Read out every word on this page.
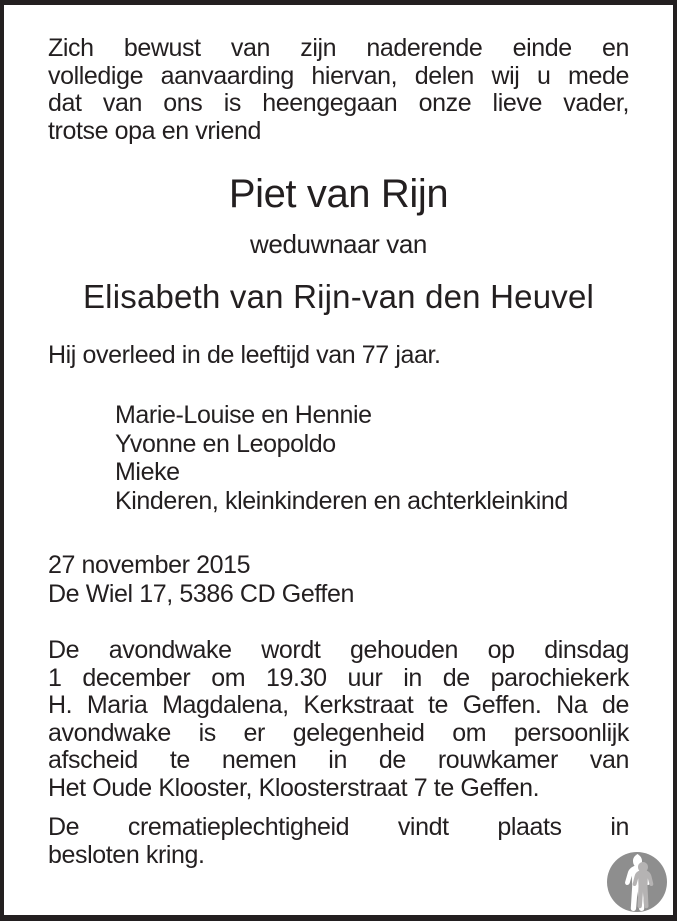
Zich bewust van zijn naderende einde en
volledige aanvaarding hiervan, delen wij u mede
dat van ons is heengegaan onze lieve vader,
trotse opa en vriend
Piet van Rijn
weduwnaar van
Elisabeth van Rijn-van den Heuvel
Hij overleed in de leeftijd van 77 jaar.
Marie-Louise en Hennie
Yvonne en Leopoldo
Mieke
Kinderen, kleinkinderen en achterkleinkind
27 november 2015
De Wiel 17, 5386 CD Geffen
De avondwake wordt gehouden op dinsdag
1 december om 19.30 uur in de parochiekerk
H. Maria Magdalena, Kerkstraat te Geffen. Na de
avondwake is er gelegenheid om persoonlijk
afscheid te nemen in de rouwkamer van
Het Oude Klooster, Kloosterstraat 7 te Geffen.
De crematieplechtigheid vindt plaats in
besloten kring.
